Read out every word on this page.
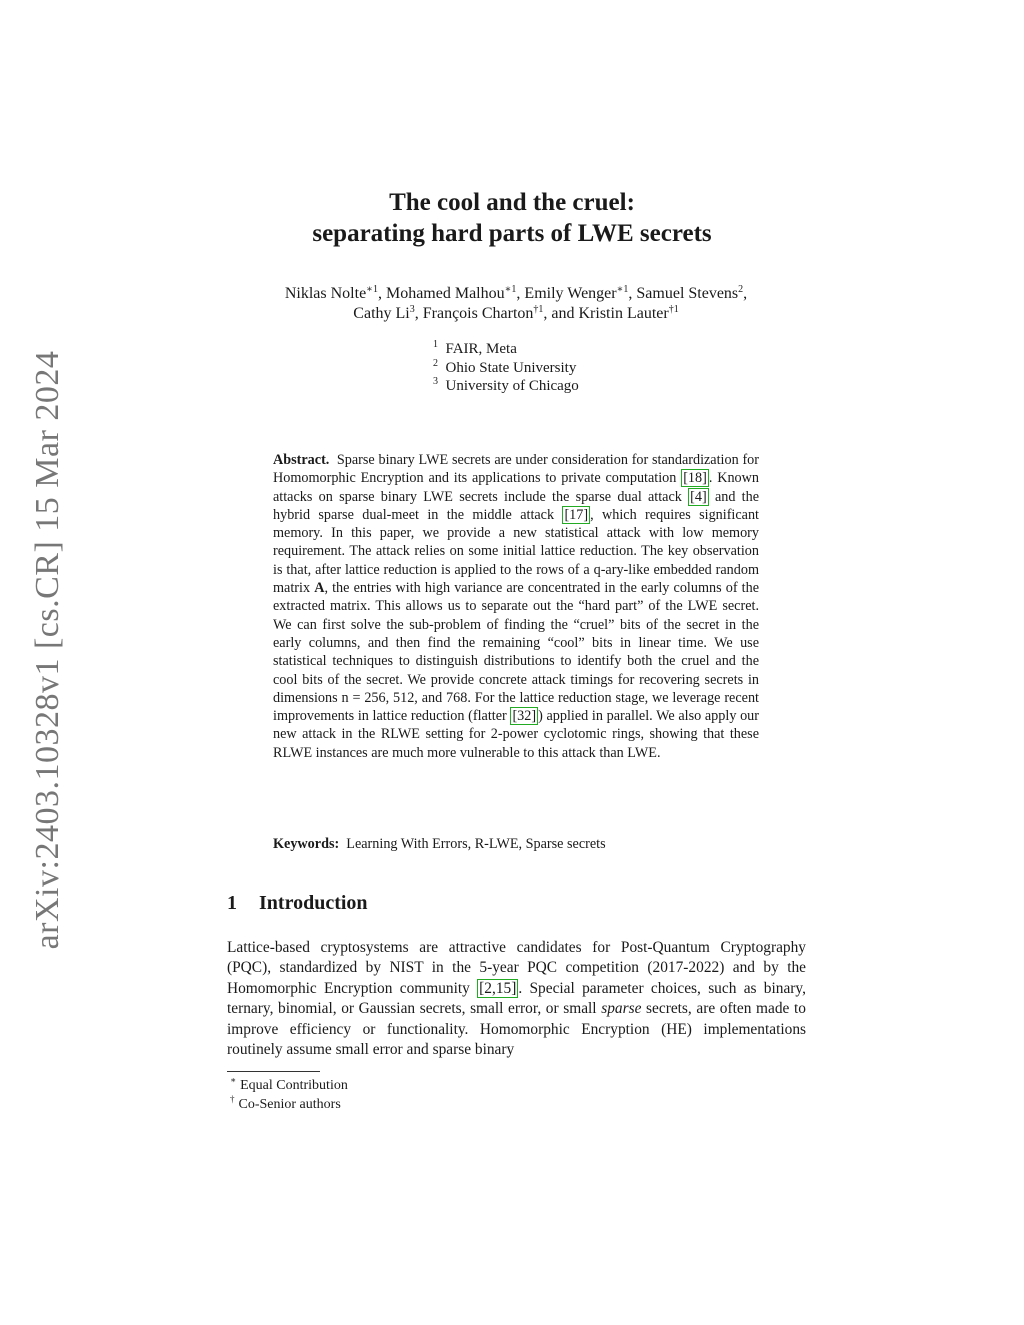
arXiv:2403.10328v1 [cs.CR] 15 Mar 2024
The cool and the cruel:
separating hard parts of LWE secrets
Niklas Nolte$^{∗1}$, Mohamed Malhou$^{∗1}$, Emily Wenger$^{∗1}$, Samuel Stevens$^2$,
Cathy Li$^3$, François Charton$^{\dagger 1}$, and Kristin Lauter$^{\dagger 1}$
$^1$ FAIR, Meta
$^2$ Ohio State University
$^3$ University of Chicago
Abstract. Sparse binary LWE secrets are under consideration for standardization for Homomorphic Encryption and its applications to private computation [18] . Known attacks on sparse binary LWE secrets include the sparse dual attack [4] and the hybrid sparse dual-meet in the middle attack [17] , which requires significant memory. In this paper, we provide a new statistical attack with low memory requirement. The attack relies on some initial lattice reduction. The key observation is that, after lattice reduction is applied to the rows of a q-ary-like embedded random matrix A, the entries with high variance are concentrated in the early columns of the extracted matrix. This allows us to separate out the “hard part” of the LWE secret. We can first solve the sub-problem of finding the “cruel” bits of the secret in the early columns, and then find the remaining “cool” bits in linear time. We use statistical techniques to distinguish distributions to identify both the cruel and the cool bits of the secret. We provide concrete attack timings for recovering secrets in dimensions n = 256, 512, and 768. For the lattice reduction stage, we leverage recent improvements in lattice reduction (flatter [32] ) applied in parallel. We also apply our new attack in the RLWE setting for 2-power cyclotomic rings, showing that these RLWE instances are much more vulnerable to this attack than LWE.
Keywords: Learning With Errors, R-LWE, Sparse secrets
1 Introduction
Lattice-based cryptosystems are attractive candidates for Post-Quantum Cryptography (PQC), standardized by NIST in the 5-year PQC competition (2017-2022) and by the Homomorphic Encryption community [2,15] . Special parameter choices, such as binary, ternary, binomial, or Gaussian secrets, small error, or small sparse secrets, are often made to improve efficiency or functionality. Homomorphic Encryption (HE) implementations routinely assume small error and sparse binary
∗ Equal Contribution
† Co-Senior authors
